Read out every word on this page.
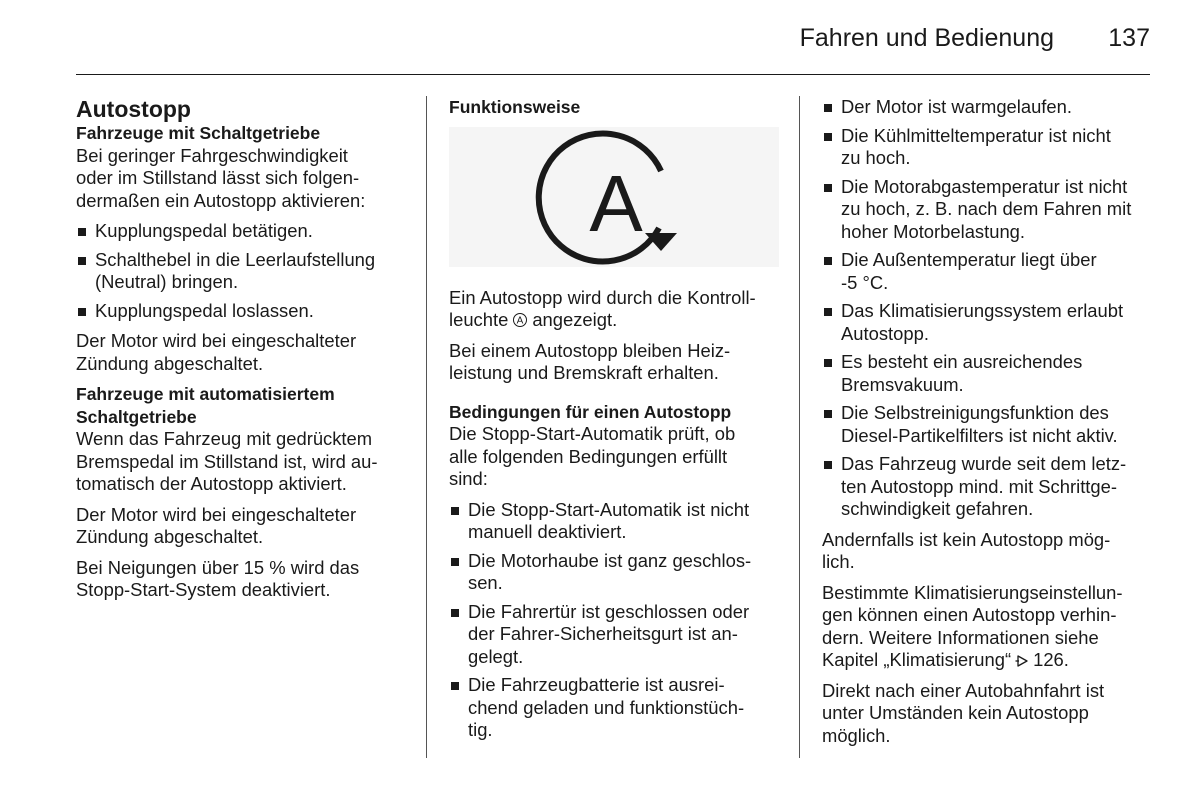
Fahren und Bedienung 137
Autostopp
Fahrzeuge mit Schaltgetriebe

Bei geringer Fahrgeschwindigkeit
oder im Stillstand lässt sich folgen-
dermaßen ein Autostopp aktivieren:

Kupplungspedal betätigen.
Schalthebel in die Leerlaufstellung
(Neutral) bringen.
Kupplungspedal loslassen.

Der Motor wird bei eingeschalteter
Zündung abgeschaltet.

Fahrzeuge mit automatisiertem
Schaltgetriebe

Wenn das Fahrzeug mit gedrücktem
Bremspedal im Stillstand ist, wird au-
tomatisch der Autostopp aktiviert.

Der Motor wird bei eingeschalteter
Zündung abgeschaltet.

Bei Neigungen über 15 % wird das
Stopp-Start-System deaktiviert.

Funktionsweise
A

Ein Autostopp wird durch die Kontroll-
leuchte A angezeigt.

Bei einem Autostopp bleiben Heiz-
leistung und Bremskraft erhalten.

Bedingungen für einen Autostopp

Die Stopp-Start-Automatik prüft, ob
alle folgenden Bedingungen erfüllt
sind:

Die Stopp-Start-Automatik ist nicht
manuell deaktiviert.
Die Motorhaube ist ganz geschlos-
sen.
Die Fahrertür ist geschlossen oder
der Fahrer-Sicherheitsgurt ist an-
gelegt.
Die Fahrzeugbatterie ist ausrei-
chend geladen und funktionstüch-
tig.
Der Motor ist warmgelaufen.
Die Kühlmitteltemperatur ist nicht
zu hoch.
Die Motorabgastemperatur ist nicht
zu hoch, z. B. nach dem Fahren mit
hoher Motorbelastung.
Die Außentemperatur liegt über
-5 °C.
Das Klimatisierungssystem erlaubt
Autostopp.
Es besteht ein ausreichendes
Bremsvakuum.
Die Selbstreinigungsfunktion des
Diesel-Partikelfilters ist nicht aktiv.
Das Fahrzeug wurde seit dem letz-
ten Autostopp mind. mit Schrittge-
schwindigkeit gefahren.

Andernfalls ist kein Autostopp mög-
lich.

Bestimmte Klimatisierungseinstellun-
gen können einen Autostopp verhin-
dern. Weitere Informationen siehe
Kapitel „Klimatisierung“ 126.

Direkt nach einer Autobahnfahrt ist
unter Umständen kein Autostopp
möglich.
